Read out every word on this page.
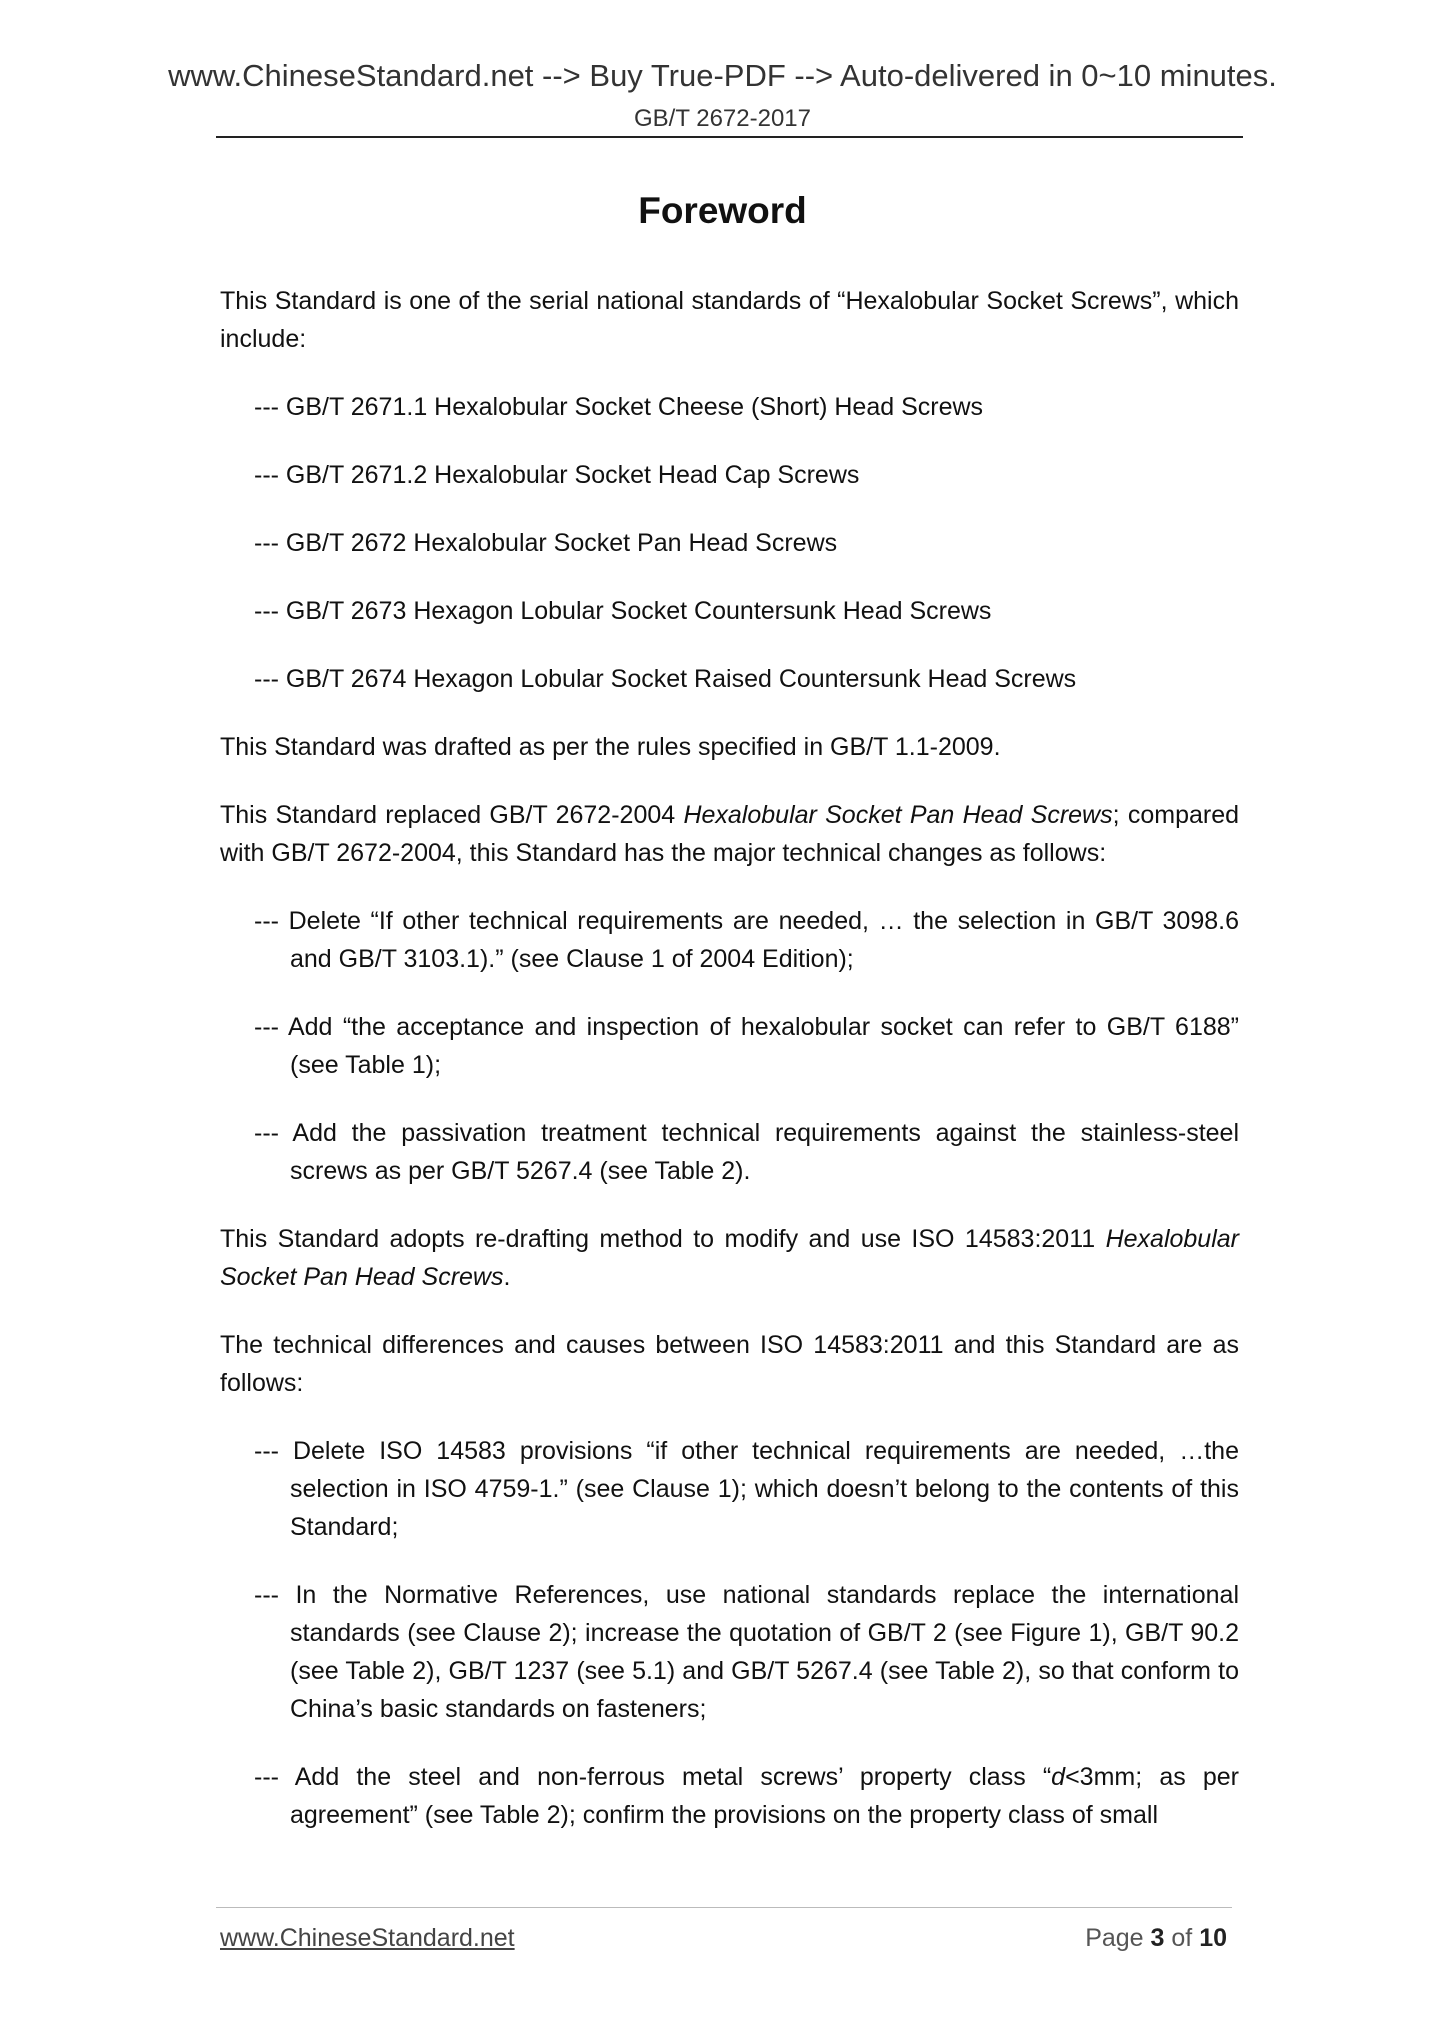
www.ChineseStandard.net --> Buy True-PDF --> Auto-delivered in 0~10 minutes.
GB/T 2672-2017
Foreword

This Standard is one of the serial national standards of “Hexalobular Socket Screws”, which include:

--- GB/T 2671.1 Hexalobular Socket Cheese (Short) Head Screws
--- GB/T 2671.2 Hexalobular Socket Head Cap Screws
--- GB/T 2672 Hexalobular Socket Pan Head Screws
--- GB/T 2673 Hexagon Lobular Socket Countersunk Head Screws
--- GB/T 2674 Hexagon Lobular Socket Raised Countersunk Head Screws

This Standard was drafted as per the rules specified in GB/T 1.1-2009.

This Standard replaced GB/T 2672-2004 Hexalobular Socket Pan Head Screws; compared with GB/T 2672-2004, this Standard has the major technical changes as follows:

--- Delete “If other technical requirements are needed, … the selection in GB/T 3098.6 and GB/T 3103.1).” (see Clause 1 of 2004 Edition);
--- Add “the acceptance and inspection of hexalobular socket can refer to GB/T 6188” (see Table 1);
--- Add the passivation treatment technical requirements against the stainless-steel screws as per GB/T 5267.4 (see Table 2).

This Standard adopts re-drafting method to modify and use ISO 14583:2011 Hexalobular Socket Pan Head Screws.

The technical differences and causes between ISO 14583:2011 and this Standard are as follows:

--- Delete ISO 14583 provisions “if other technical requirements are needed, …the selection in ISO 4759-1.” (see Clause 1); which doesn’t belong to the contents of this Standard;
--- In the Normative References, use national standards replace the international standards (see Clause 2); increase the quotation of GB/T 2 (see Figure 1), GB/T 90.2 (see Table 2), GB/T 1237 (see 5.1) and GB/T 5267.4 (see Table 2), so that conform to China’s basic standards on fasteners;
--- Add the steel and non-ferrous metal screws’ property class “d<3mm; as per agreement” (see Table 2); confirm the provisions on the property class of small
www.ChineseStandard.net	Page 3 of 10
